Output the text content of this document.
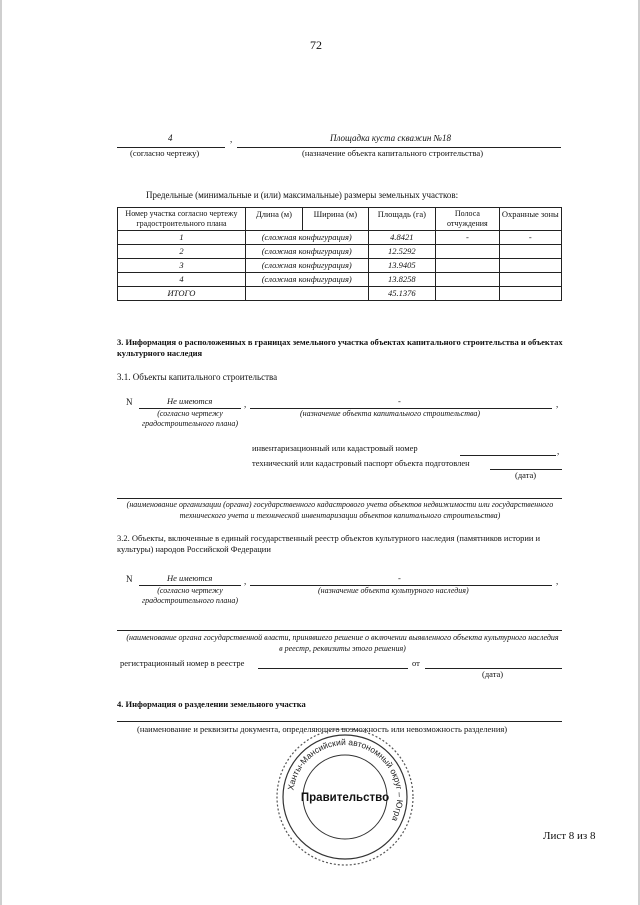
72
4	,	Площадка куста скважин №18
(согласно чертежу)	(назначение объекта капитального строительства)
Предельные (минимальные и (или) максимальные) размеры земельных участков:
Номер участка согласно чертежу градостроительного плана	Длина (м)	Ширина (м)	Площадь (га)	Полоса отчуждения	Охранные зоны
1	(сложная конфигурация)		4.8421	-	-
2	(сложная конфигурация)		12.5292		
3	(сложная конфигурация)		13.9405		
4	(сложная конфигурация)		13.8258		
ИТОГО			45.1376		
3. Информация о расположенных в границах земельного участка объектах капитального строительства и объектах культурного наследия
3.1. Объекты капитального строительства
N	Не имеются	,	-	,
(согласно чертежу градостроительного плана)
(назначение объекта капитального строительства)
инвентаризационный или кадастровый номер	,
технический или кадастровый паспорт объекта подготовлен
(дата)
(наименование организации (органа) государственного кадастрового учета объектов недвижимости или государственного технического учета и технической инвентаризации объектов капитального строительства)
3.2. Объекты, включенные в единый государственный реестр объектов культурного наследия (памятников истории и культуры) народов Российской Федерации
N	Не имеются	,	-	,
(согласно чертежу градостроительного плана)
(назначение объекта культурного наследия)
(наименование органа государственной власти, принявшего решение о включении выявленного объекта культурного наследия в реестр, реквизиты этого решения)
регистрационный номер в реестре	от
(дата)
4. Информация о разделении земельного участка
(наименование и реквизиты документа, определяющего возможность или невозможность разделения)
Ханты-Мансийский автономный округ – Югра
Правительство
Лист 8 из 8
